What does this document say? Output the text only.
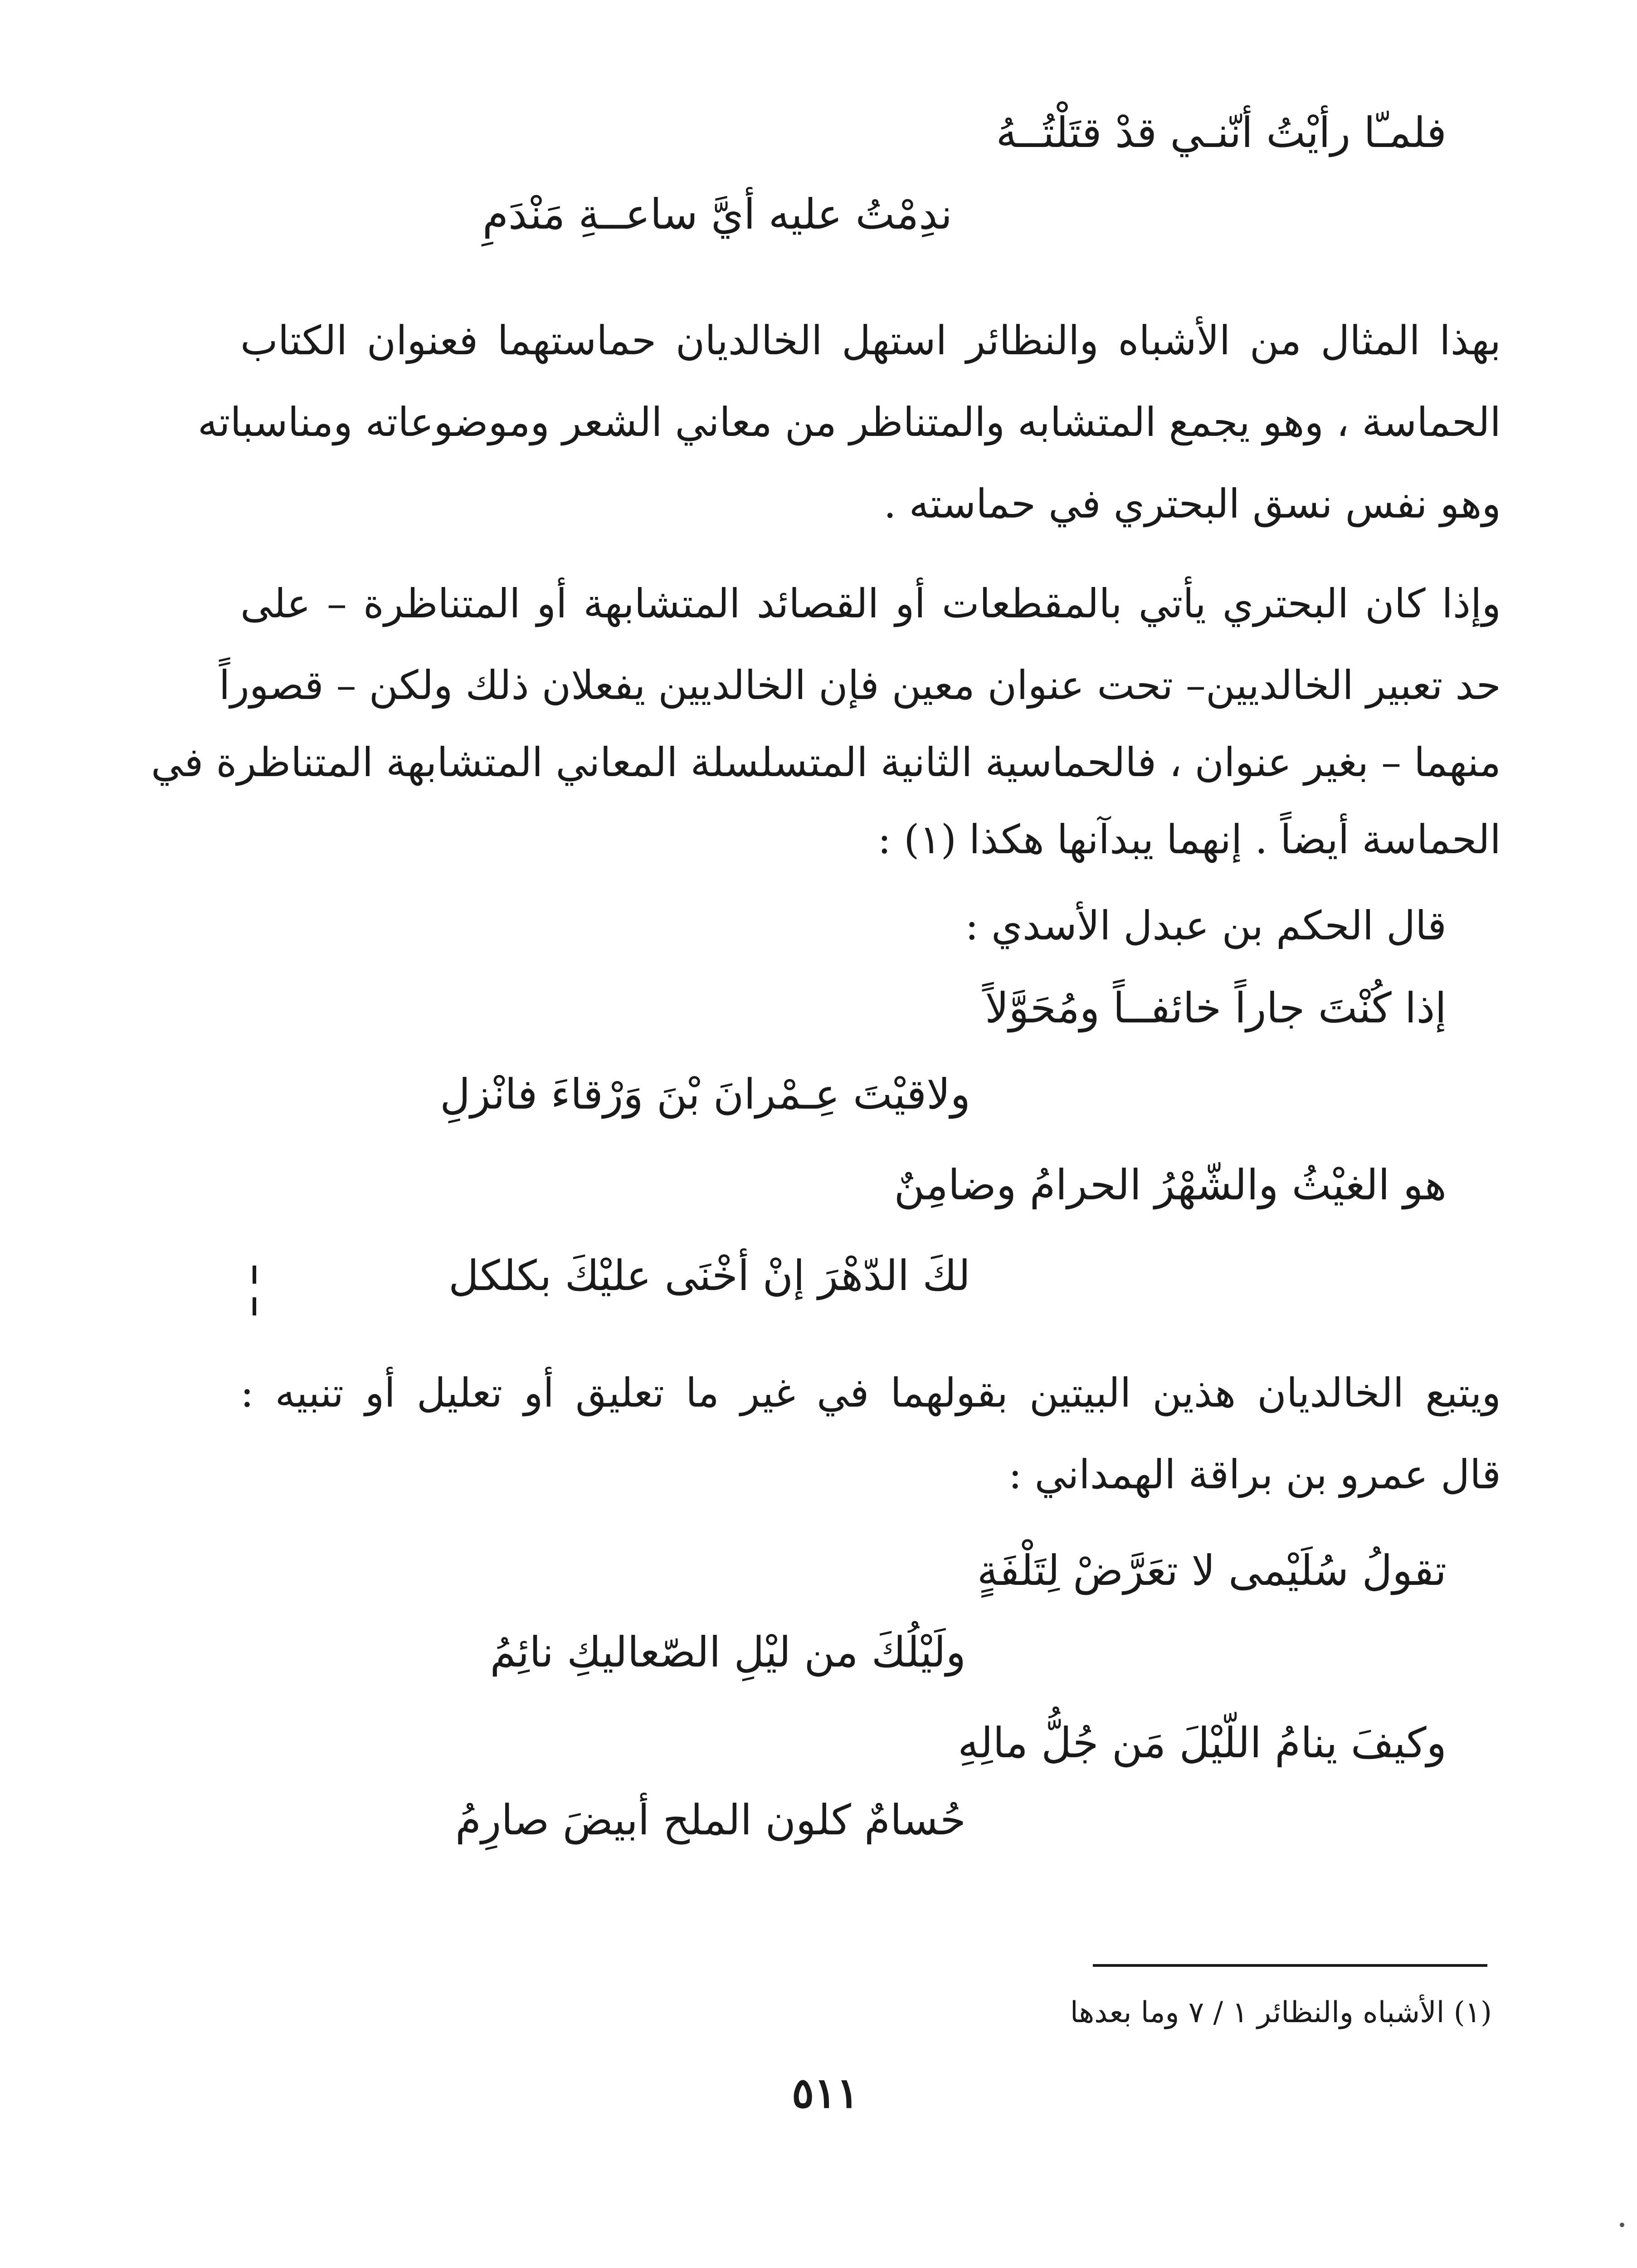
فلمـّا رأيْتُ أنّنـي قدْ قتَلْتُــهُ
ندِمْتُ عليه أيَّ ساعــةِ مَنْدَمِ
بهذا المثال من الأشباه والنظائر استهل الخالديان حماستهما فعنوان الكتاب
الحماسة ، وهو يجمع المتشابه والمتناظر من معاني الشعر وموضوعاته ومناسباته
وهو نفس نسق البحتري في حماسته .
وإذا كان البحتري يأتي بالمقطعات أو القصائد المتشابهة أو المتناظرة – على
حد تعبير الخالديين– تحت عنوان معين فإن الخالديين يفعلان ذلك ولكن – قصوراً
منهما – بغير عنوان ، فالحماسية الثانية المتسلسلة المعاني المتشابهة المتناظرة في
الحماسة أيضاً . إنهما يبدآنها هكذا (١) :
قال الحكم بن عبدل الأسدي :
إذا كُنْتَ جاراً خائفــاً ومُحَوَّلاً
ولاقيْتَ عِـمْرانَ بْنَ وَرْقاءَ فانْزلِ
هو الغيْثُ والشّهْرُ الحرامُ وضامِنٌ
لكَ الدّهْرَ إنْ أخْنَى عليْكَ بكلكل
ويتبع الخالديان هذين البيتين بقولهما في غير ما تعليق أو تعليل أو تنبيه :
قال عمرو بن براقة الهمداني :
تقولُ سُلَيْمى لا تعَرَّضْ لِتَلْفَةٍ
ولَيْلُكَ من ليْلِ الصّعاليكِ نائِمُ
وكيفَ ينامُ اللّيْلَ مَن جُلُّ مالِهِ
حُسامٌ كلون الملح أبيضَ صارِمُ
(١) الأشباه والنظائر ١ / ٧ وما بعدها
٥١١
